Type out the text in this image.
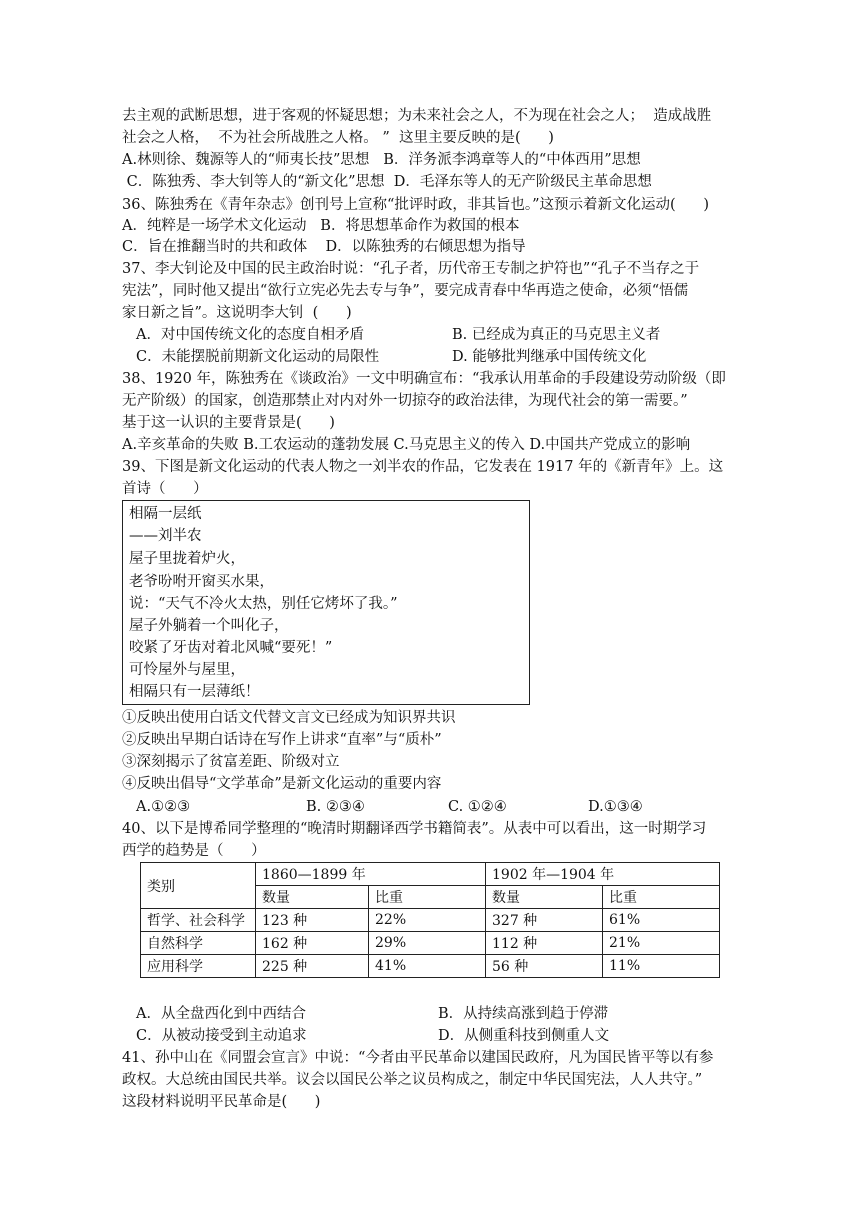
去主观的武断思想，进于客观的怀疑思想；为未来社会之人，不为现在社会之人；  造成战胜
社会之人格，  不为社会所战胜之人格。 ”  这里主要反映的是(      )
A.林则徐、魏源等人的“师夷长技”思想   B．洋务派李鸿章等人的“中体西用”思想
C．陈独秀、李大钊等人的“新文化”思想  D．毛泽东等人的无产阶级民主革命思想
36、陈独秀在《青年杂志》创刊号上宣称“批评时政，非其旨也。”这预示着新文化运动(      )
A．纯粹是一场学术文化运动   B．将思想革命作为救国的根本
C．旨在推翻当时的共和政体    D．以陈独秀的右倾思想为指导
37、李大钊论及中国的民主政治时说：“孔子者，历代帝王专制之护符也”“孔子不当存之于
宪法”，同时他又提出“欲行立宪必先去专与争”，要完成青春中华再造之使命，必须“悟儒
家日新之旨”。这说明李大钊  (      )
A．对中国传统文化的态度自相矛盾	B. 已经成为真正的马克思主义者
C．未能摆脱前期新文化运动的局限性	D. 能够批判继承中国传统文化
38、1920 年，陈独秀在《谈政治》一文中明确宣布：“我承认用革命的手段建设劳动阶级（即
无产阶级）的国家，创造那禁止对内对外一切掠夺的政治法律，为现代社会的第一需要。”
基于这一认识的主要背景是(      )
A.辛亥革命的失败 B.工农运动的蓬勃发展 C.马克思主义的传入 D.中国共产党成立的影响
39、下图是新文化运动的代表人物之一刘半农的作品，它发表在 1917 年的《新青年》上。这
首诗（      ）
相隔一层纸
——刘半农
屋子里拢着炉火，
老爷吩咐开窗买水果，
说：“天气不冷火太热，别任它烤坏了我。”
屋子外躺着一个叫化子，
咬紧了牙齿对着北风喊“要死！”
可怜屋外与屋里，
相隔只有一层薄纸！
①反映出使用白话文代替文言文已经成为知识界共识
②反映出早期白话诗在写作上讲求“直率”与“质朴”
③深刻揭示了贫富差距、阶级对立
④反映出倡导“文学革命”是新文化运动的重要内容
A.①②③	B. ②③④	C. ①②④	D.①③④
40、以下是博希同学整理的“晚清时期翻译西学书籍简表”。从表中可以看出，这一时期学习
西学的趋势是（      ）
类别	1860—1899 年		1902 年—1904 年	
	数量	比重	数量	比重
哲学、社会科学	123 种	22%	327 种	61%
自然科学	162 种	29%	112 种	21%
应用科学	225 种	41%	56 种	11%
A．从全盘西化到中西结合	B．从持续高涨到趋于停滞
C．从被动接受到主动追求	D．从侧重科技到侧重人文
41、孙中山在《同盟会宣言》中说：“今者由平民革命以建国民政府，凡为国民皆平等以有参
政权。大总统由国民共举。议会以国民公举之议员构成之，制定中华民国宪法，人人共守。”
这段材料说明平民革命是(      )
